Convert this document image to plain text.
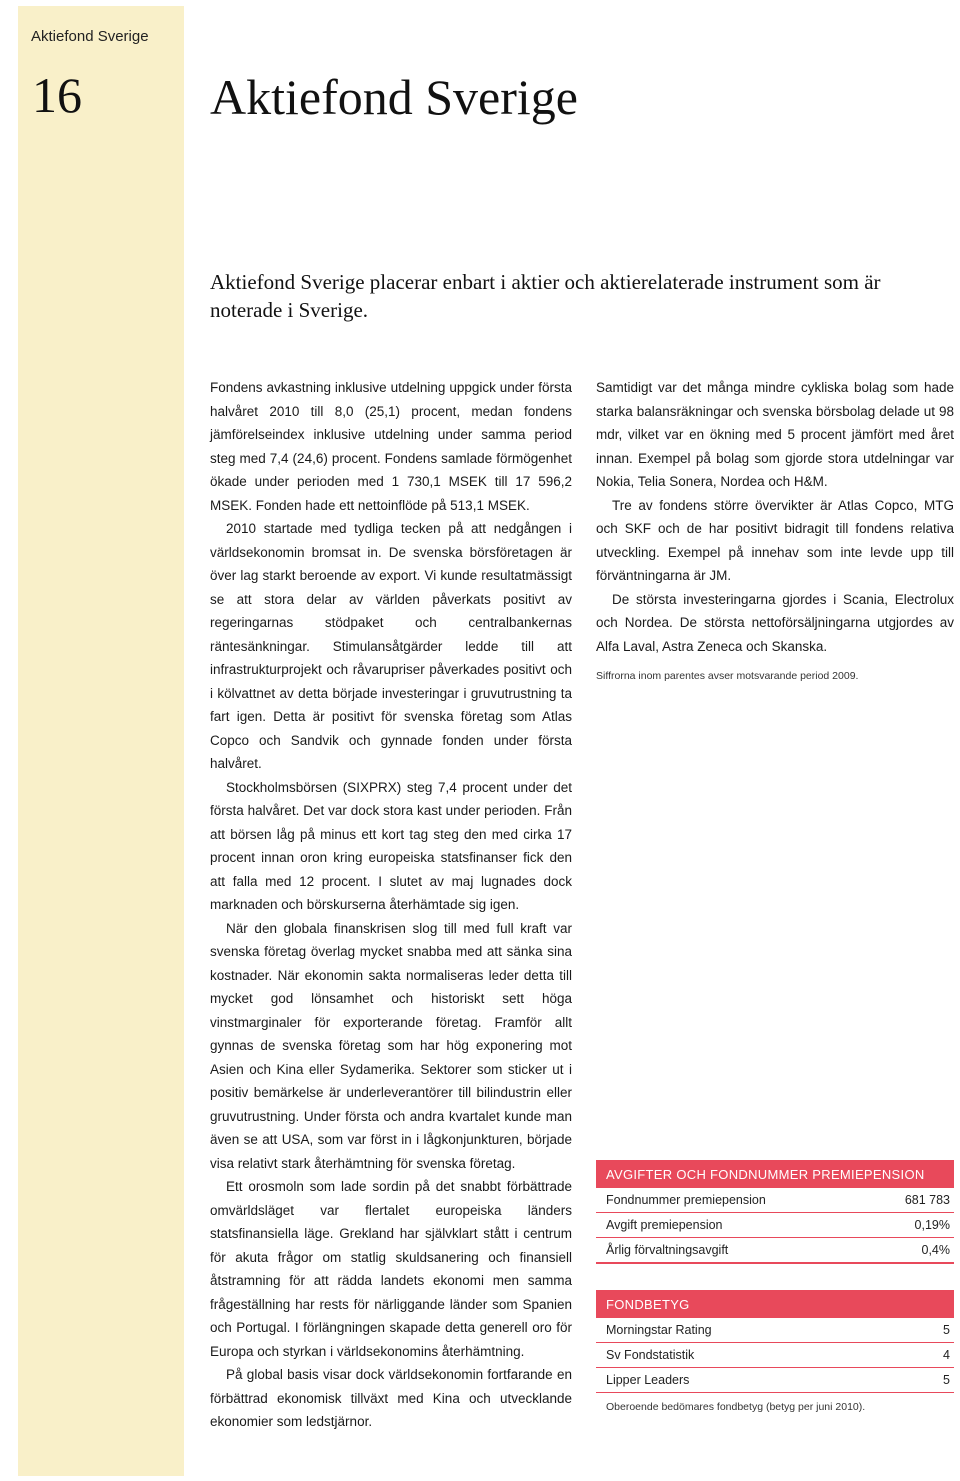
Aktiefond Sverige
16	Aktiefond Sverige

Aktiefond Sverige placerar enbart i aktier och aktierelaterade instrument som är noterade i Sverige.

Fondens avkastning inklusive utdelning uppgick under första halvåret 2010 till 8,0 (25,1) procent, medan fondens jämförelseindex inklusive utdelning under samma period steg med 7,4 (24,6) procent. Fondens samlade förmögenhet ökade under perioden med 1 730,1 MSEK till 17 596,2 MSEK. Fonden hade ett nettoinflöde på 513,1 MSEK.

2010 startade med tydliga tecken på att nedgången i världsekonomin bromsat in. De svenska börsföretagen är över lag starkt beroende av export. Vi kunde resultatmässigt se att stora delar av världen påverkats positivt av regeringarnas stödpaket och centralbankernas räntesänkningar. Stimulansåtgärder ledde till att infrastrukturprojekt och råvarupriser påverkades positivt och i kölvattnet av detta började investeringar i gruvutrustning ta fart igen. Detta är positivt för svenska företag som Atlas Copco och Sandvik och gynnade fonden under första halvåret.

Stockholmsbörsen (SIXPRX) steg 7,4 procent under det första halvåret. Det var dock stora kast under perioden. Från att börsen låg på minus ett kort tag steg den med cirka 17 procent innan oron kring europeiska statsfinanser fick den att falla med 12 procent. I slutet av maj lugnades dock marknaden och börskurserna återhämtade sig igen.

När den globala finanskrisen slog till med full kraft var svenska företag överlag mycket snabba med att sänka sina kostnader. När ekonomin sakta normaliseras leder detta till mycket god lönsamhet och historiskt sett höga vinstmarginaler för exporterande företag. Framför allt gynnas de svenska företag som har hög exponering mot Asien och Kina eller Sydamerika. Sektorer som sticker ut i positiv bemärkelse är underleverantörer till bilindustrin eller gruvutrustning. Under första och andra kvartalet kunde man även se att USA, som var först in i lågkonjunkturen, började visa relativt stark återhämtning för svenska företag.

Ett orosmoln som lade sordin på det snabbt förbättrade omvärldsläget var flertalet europeiska länders statsfinansiella läge. Grekland har självklart stått i centrum för akuta frågor om statlig skuldsanering och finansiell åtstramning för att rädda landets ekonomi men samma frågeställning har rests för närliggande länder som Spanien och Portugal. I förlängningen skapade detta generell oro för Europa och styrkan i världsekonomins återhämtning.

På global basis visar dock världsekonomin fortfarande en förbättrad ekonomisk tillväxt med Kina och utvecklande ekonomier som ledstjärnor.

Samtidigt var det många mindre cykliska bolag som hade starka balansräkningar och svenska börsbolag delade ut 98 mdr, vilket var en ökning med 5 procent jämfört med året innan. Exempel på bolag som gjorde stora utdelningar var Nokia, Telia Sonera, Nordea och H&M.

Tre av fondens större övervikter är Atlas Copco, MTG och SKF och de har positivt bidragit till fondens relativa utveckling. Exempel på innehav som inte levde upp till förväntningarna är JM.

De största investeringarna gjordes i Scania, Electrolux och Nordea. De största nettoförsäljningarna utgjordes av Alfa Laval, Astra Zeneca och Skanska.

Siffrorna inom parentes avser motsvarande period 2009.

AVGIFTER OCH FONDNUMMER PREMIEPENSION
Fondnummer premiepension	681 783
Avgift premiepension	0,19%
Årlig förvaltningsavgift	0,4%
FONDBETYG
Morningstar Rating	5
Sv Fondstatistik	4
Lipper Leaders	5
Oberoende bedömares fondbetyg (betyg per juni 2010).
